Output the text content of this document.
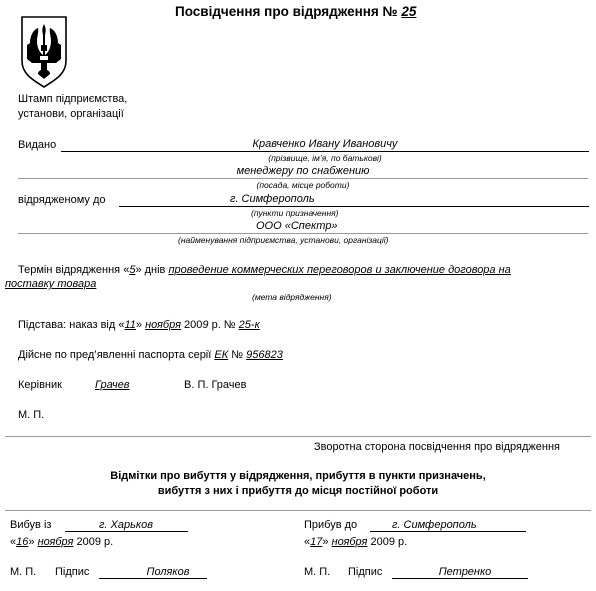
Посвідчення про відрядження № 25
Штамп підприємства,
установи, організації
Видано	Кравченко Ивану Ивановичу
(прізвище, ім’я, по батькові)
менеджеру по снабжению
(посада, місце роботи)
відрядженому до	г. Симферополь
(пункти призначення)
ООО «Спектр»
(найменування підприємства, установи, організації)
Термін відрядження «5» днів проведение коммерческих переговоров и заключение договора на
поставку товара
(мета відрядження)
Підстава: наказ від «11» ноября 2009 р. № 25-к
Дійсне по пред’явленні паспорта серії ЕК № 956823
Керівник	Грачев	В. П. Грачев
М. П.
Зворотна сторона посвідчення про відрядження
Відмітки про вибуття у відрядження, прибуття в пункти призначень,
вибуття з них і прибуття до місця постійної роботи
Вибув із	г. Харьков
«16» ноября 2009 р.
М. П. Підпис	Поляков
Прибув до	г. Симферополь
«17» ноября 2009 р.
М. П. Підпис	Петренко
